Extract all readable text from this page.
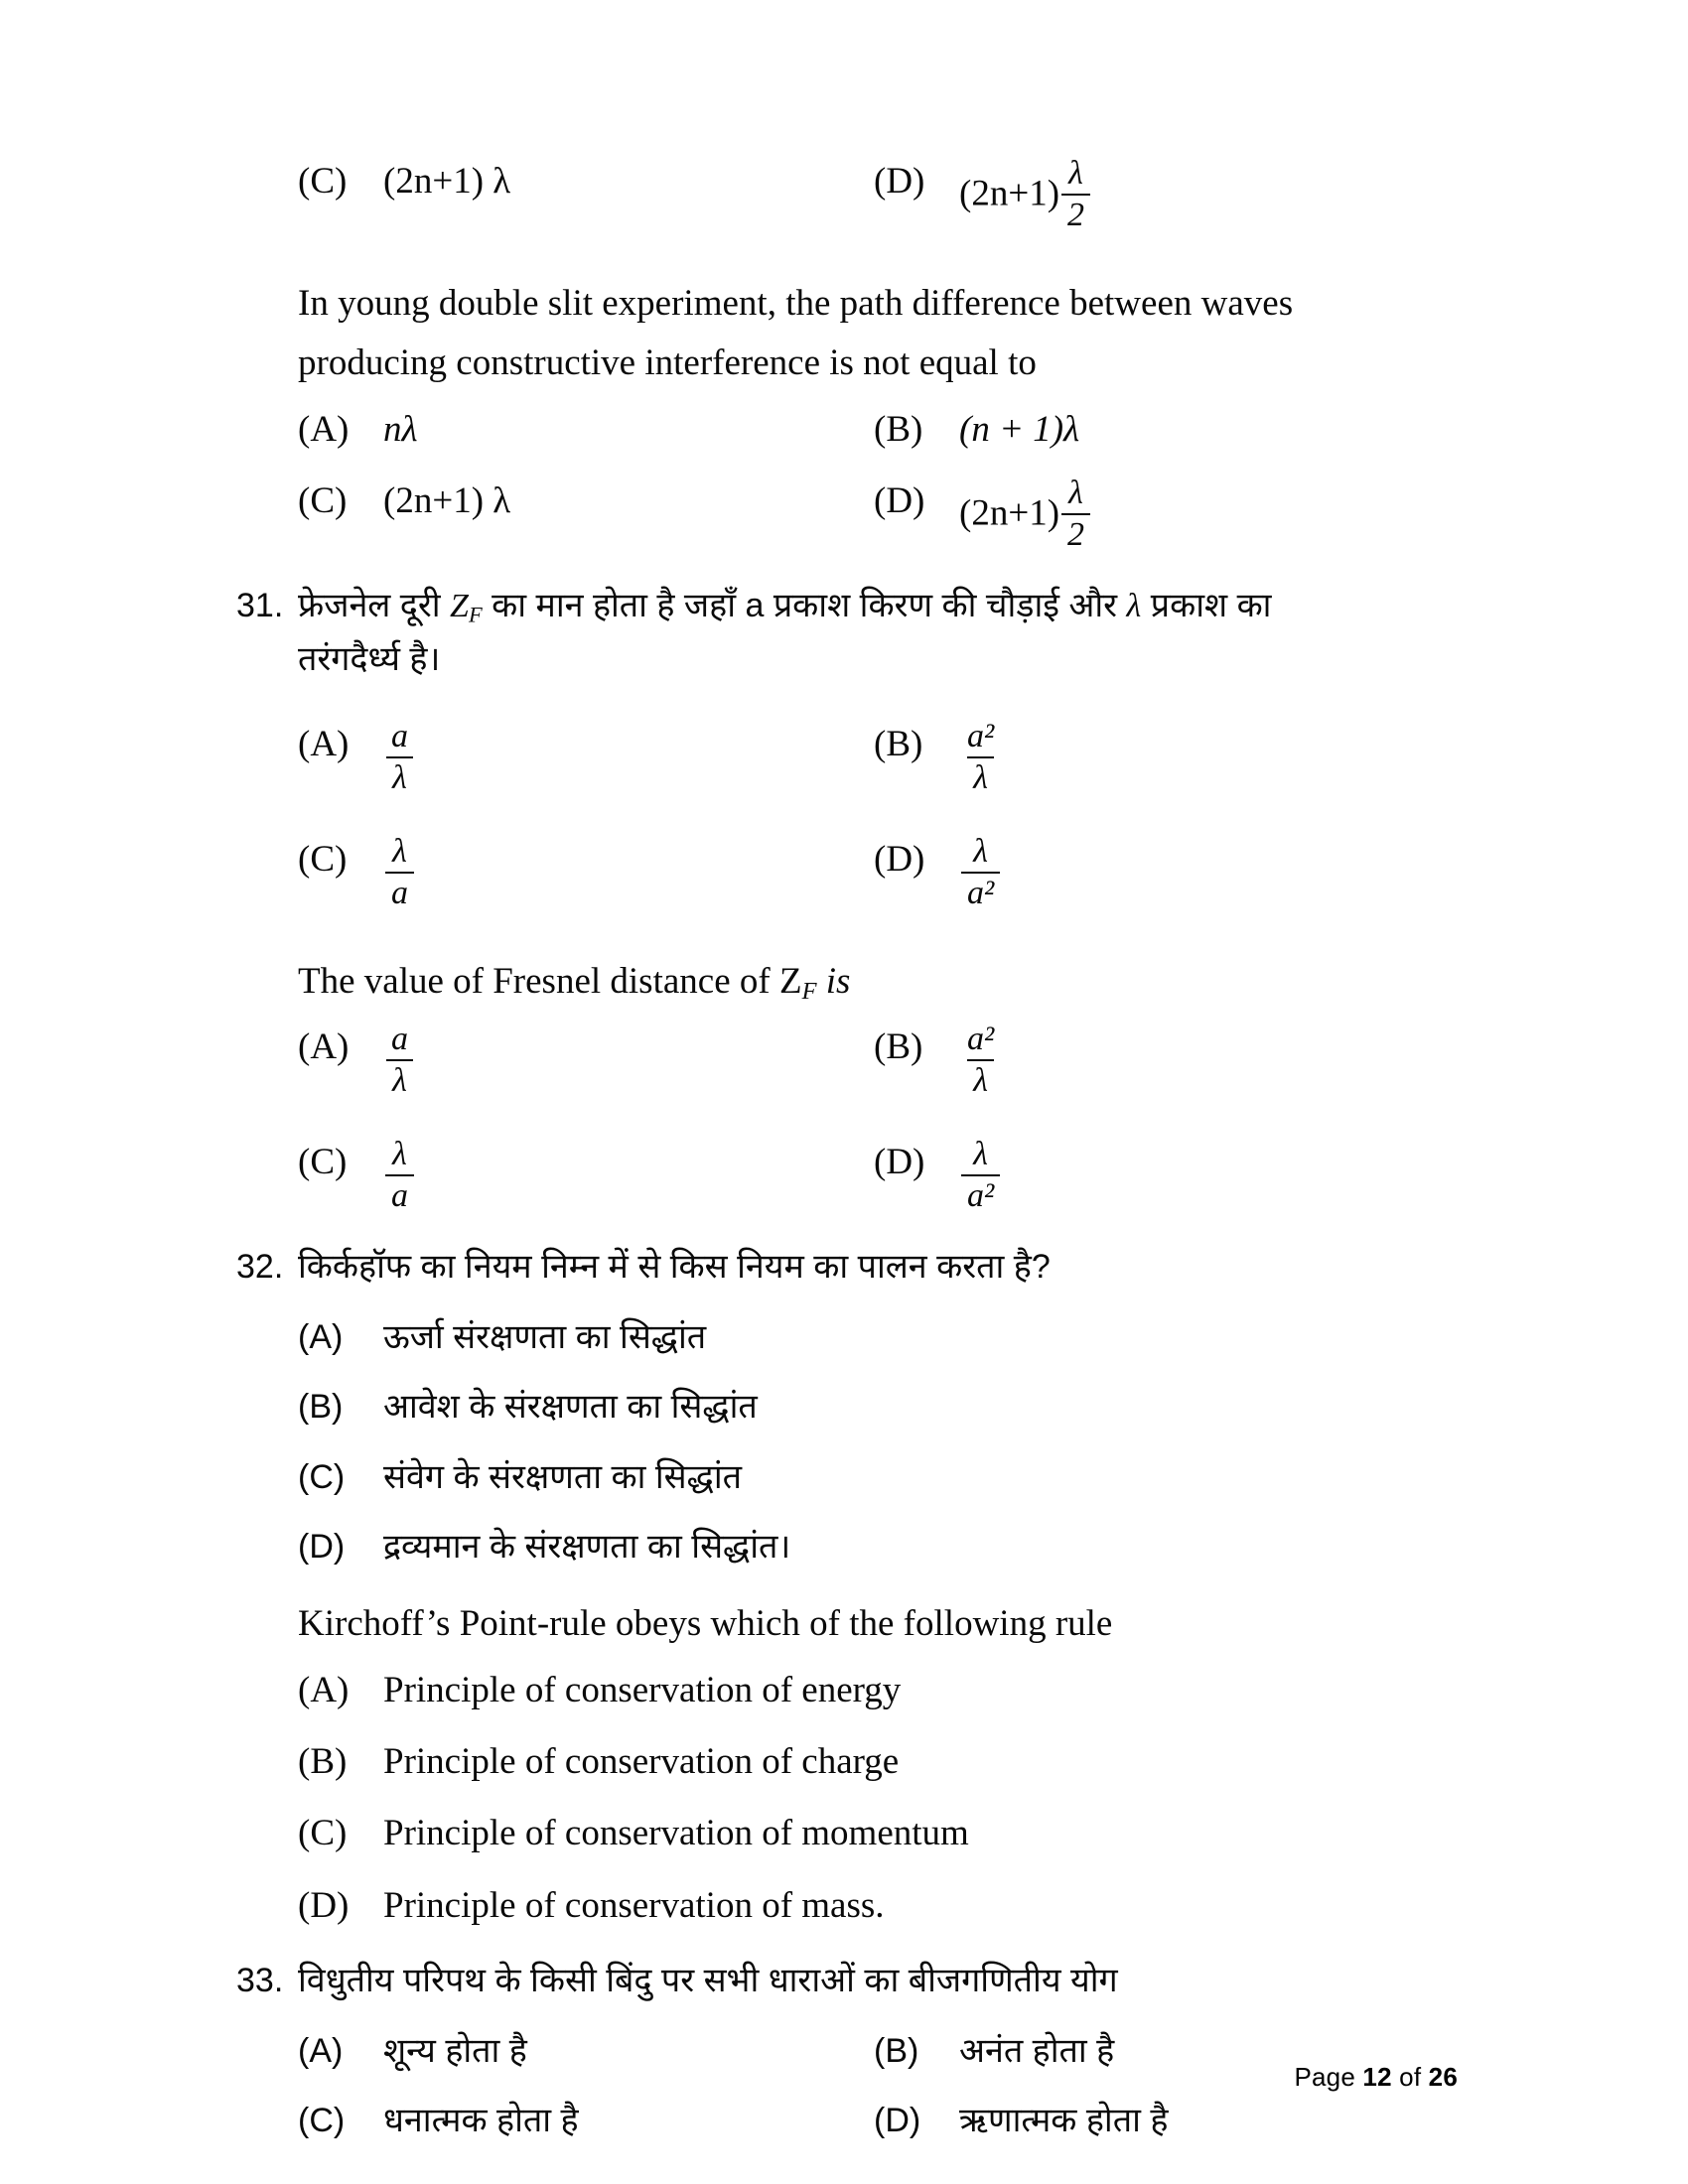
(C) (2n+1) λ	(D) $(2n+1) \frac{\lambda}{2}$
In young double slit experiment, the path difference between waves
producing constructive interference is not equal to
(A) nλ	(B) (n + 1)λ
(C) (2n+1) λ	(D) $(2n+1) \frac{\lambda}{2}$
31. फ्रेजनेल दूरी $Z_F$ का मान होता है जहाँ a प्रकाश किरण की चौड़ाई और λ प्रकाश का
तरंगदैर्ध्य है।
(A)	$\frac{a}{\lambda}$	(B)	$\frac{\text{a²}}{\lambda}$
(C)	$\frac{\lambda}{a}$	(D)	$\frac{\lambda}{\text{a²}}$
The value of Fresnel distance of $Z_F$ is
(A)	$\frac{a}{\lambda}$	(B)	$\frac{\text{a²}}{\lambda}$
(C)	$\frac{\lambda}{a}$	(D)	$\frac{\lambda}{\text{a²}}$
32. किर्कहॉफ का नियम निम्न में से किस नियम का पालन करता है?
(A)	ऊर्जा संरक्षणता का सिद्धांत
(B)	आवेश के संरक्षणता का सिद्धांत
(C)	संवेग के संरक्षणता का सिद्धांत
(D)	द्रव्यमान के संरक्षणता का सिद्धांत।
Kirchoff’s Point-rule obeys which of the following rule
(A) Principle of conservation of energy
(B) Principle of conservation of charge
(C) Principle of conservation of momentum
(D) Principle of conservation of mass.
33. विधुतीय परिपथ के किसी बिंदु पर सभी धाराओं का बीजगणितीय योग
(A)	शून्य होता है	(B)	अनंत होता है
(C)	धनात्मक होता है	(D)	ऋणात्मक होता है
Page 12 of 26
